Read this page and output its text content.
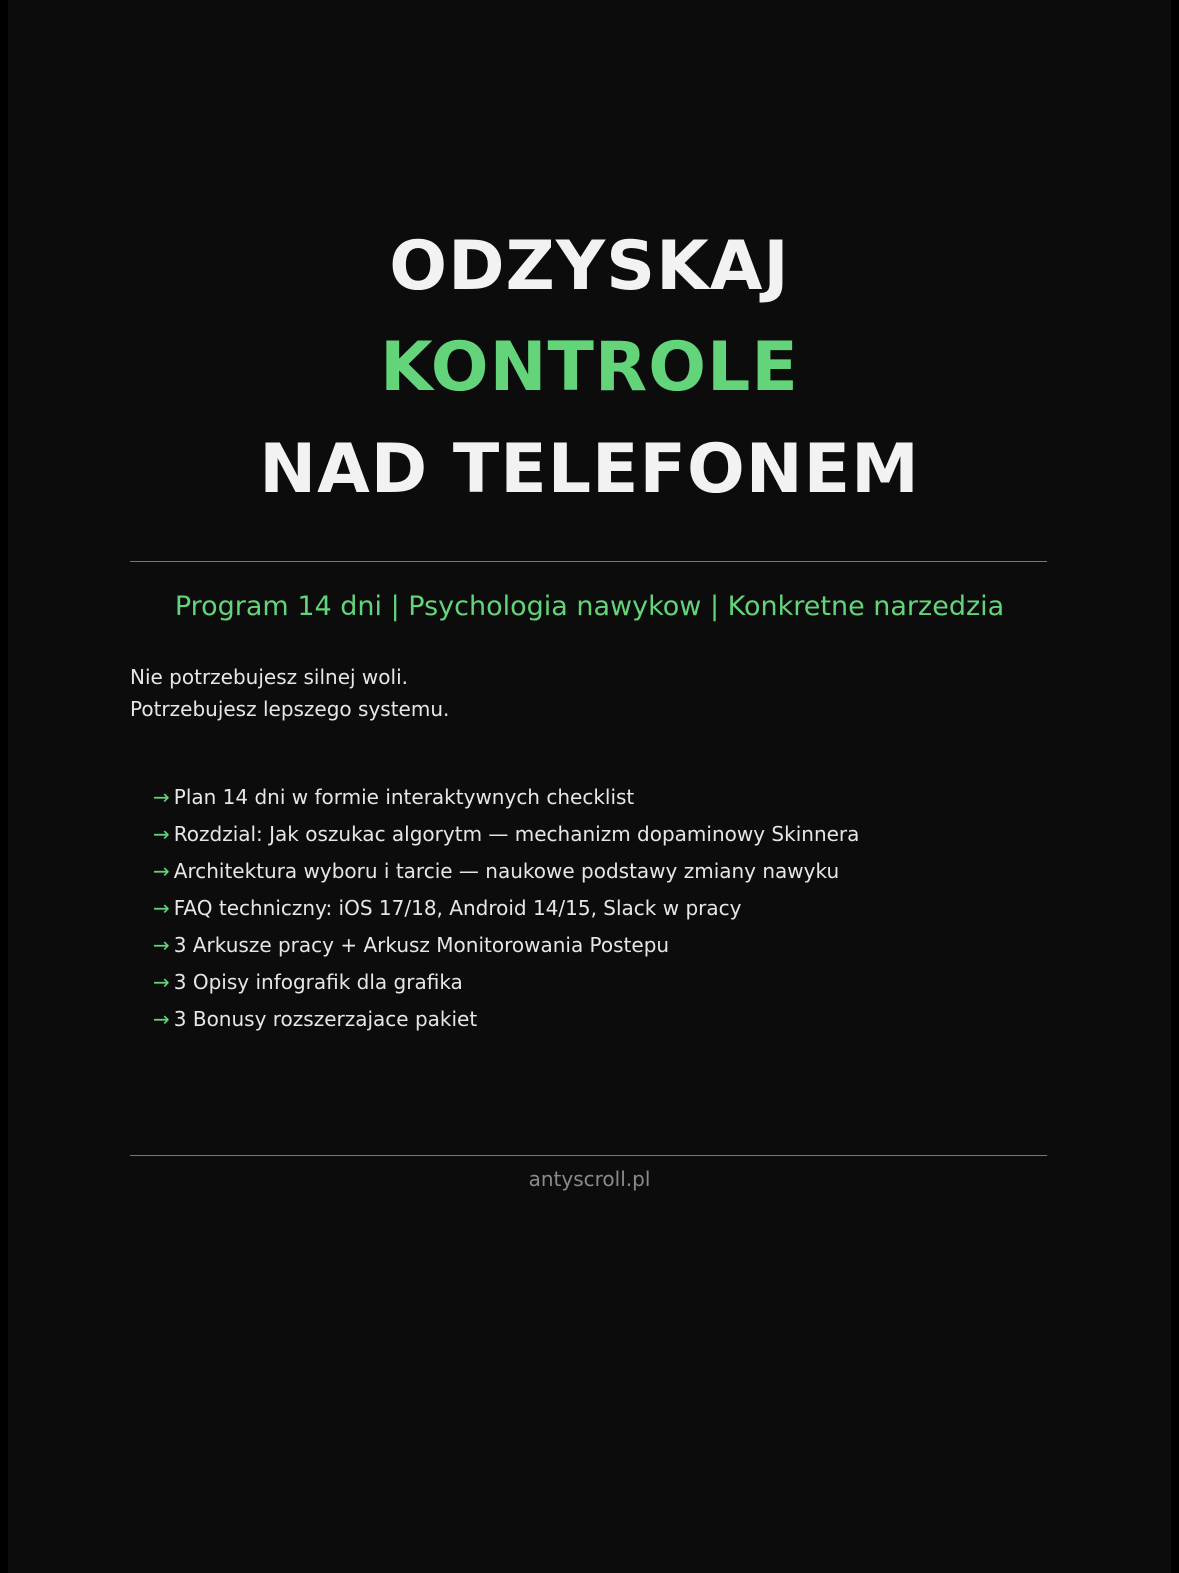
ODZYSKAJ
KONTROLE
NAD TELEFONEM
Program 14 dni | Psychologia nawykow | Konkretne narzedzia
Nie potrzebujesz silnej woli.
Potrzebujesz lepszego systemu.
→ Plan 14 dni w formie interaktywnych checklist
→ Rozdzial: Jak oszukac algorytm — mechanizm dopaminowy Skinnera
→ Architektura wyboru i tarcie — naukowe podstawy zmiany nawyku
→ FAQ techniczny: iOS 17/18, Android 14/15, Slack w pracy
→ 3 Arkusze pracy + Arkusz Monitorowania Postepu
→ 3 Opisy infografik dla grafika
→ 3 Bonusy rozszerzajace pakiet
antyscroll.pl
